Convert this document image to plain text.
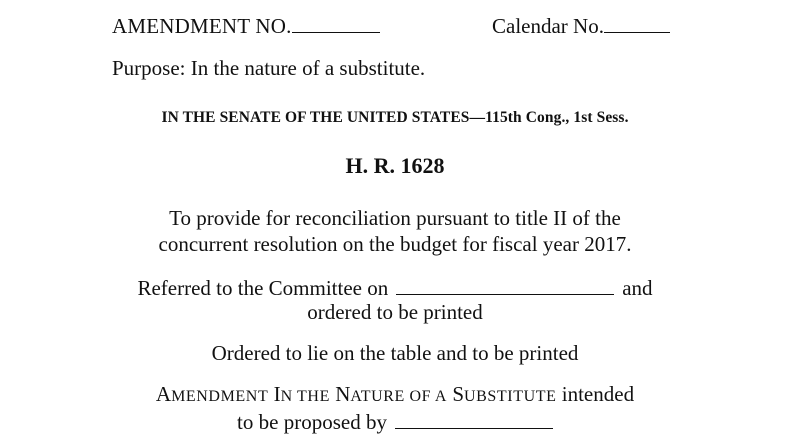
AMENDMENT NO.	Calendar No.
Purpose: In the nature of a substitute.
IN THE SENATE OF THE UNITED STATES—115th Cong., 1st Sess.
H. R. 1628
To provide for reconciliation pursuant to title II of the
concurrent resolution on the budget for fiscal year 2017.
Referred to the Committee on	and
ordered to be printed
Ordered to lie on the table and to be printed
AMENDMENT IN THE NATURE OF A SUBSTITUTE intended
to be proposed by
